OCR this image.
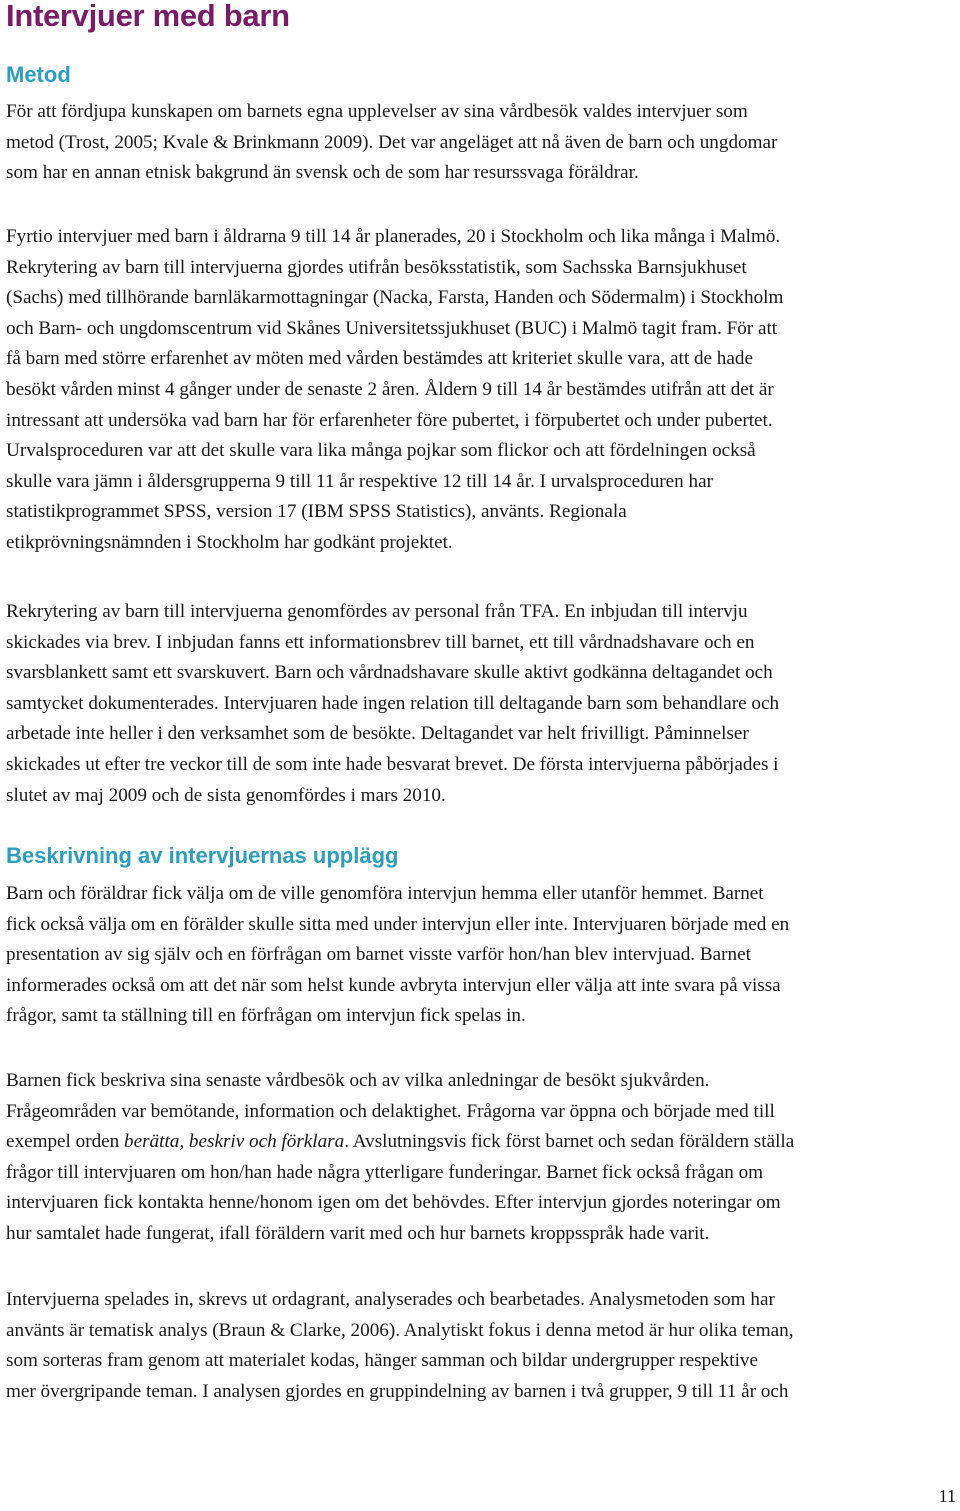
Intervjuer med barn
Metod

För att fördjupa kunskapen om barnets egna upplevelser av sina vårdbesök valdes intervjuer som
metod (Trost, 2005; Kvale & Brinkmann 2009). Det var angeläget att nå även de barn och ungdomar
som har en annan etnisk bakgrund än svensk och de som har resurssvaga föräldrar.

Fyrtio intervjuer med barn i åldrarna 9 till 14 år planerades, 20 i Stockholm och lika många i Malmö.
Rekrytering av barn till intervjuerna gjordes utifrån besöksstatistik, som Sachsska Barnsjukhuset
(Sachs) med tillhörande barnläkarmottagningar (Nacka, Farsta, Handen och Södermalm) i Stockholm
och Barn- och ungdomscentrum vid Skånes Universitetssjukhuset (BUC) i Malmö tagit fram. För att
få barn med större erfarenhet av möten med vården bestämdes att kriteriet skulle vara, att de hade
besökt vården minst 4 gånger under de senaste 2 åren. Åldern 9 till 14 år bestämdes utifrån att det är
intressant att undersöka vad barn har för erfarenheter före pubertet, i förpubertet och under pubertet.
Urvalsproceduren var att det skulle vara lika många pojkar som flickor och att fördelningen också
skulle vara jämn i åldersgrupperna 9 till 11 år respektive 12 till 14 år. I urvalsproceduren har
statistikprogrammet SPSS, version 17 (IBM SPSS Statistics), använts. Regionala
etikprövningsnämnden i Stockholm har godkänt projektet.

Rekrytering av barn till intervjuerna genomfördes av personal från TFA. En inbjudan till intervju
skickades via brev. I inbjudan fanns ett informationsbrev till barnet, ett till vårdnadshavare och en
svarsblankett samt ett svarskuvert. Barn och vårdnadshavare skulle aktivt godkänna deltagandet och
samtycket dokumenterades. Intervjuaren hade ingen relation till deltagande barn som behandlare och
arbetade inte heller i den verksamhet som de besökte. Deltagandet var helt frivilligt. Påminnelser
skickades ut efter tre veckor till de som inte hade besvarat brevet. De första intervjuerna påbörjades i
slutet av maj 2009 och de sista genomfördes i mars 2010.

Beskrivning av intervjuernas upplägg

Barn och föräldrar fick välja om de ville genomföra intervjun hemma eller utanför hemmet. Barnet
fick också välja om en förälder skulle sitta med under intervjun eller inte. Intervjuaren började med en
presentation av sig själv och en förfrågan om barnet visste varför hon/han blev intervjuad. Barnet
informerades också om att det när som helst kunde avbryta intervjun eller välja att inte svara på vissa
frågor, samt ta ställning till en förfrågan om intervjun fick spelas in.

Barnen fick beskriva sina senaste vårdbesök och av vilka anledningar de besökt sjukvården.
Frågeområden var bemötande, information och delaktighet. Frågorna var öppna och började med till
exempel orden berätta, beskriv och förklara. Avslutningsvis fick först barnet och sedan föräldern ställa
frågor till intervjuaren om hon/han hade några ytterligare funderingar. Barnet fick också frågan om
intervjuaren fick kontakta henne/honom igen om det behövdes. Efter intervjun gjordes noteringar om
hur samtalet hade fungerat, ifall föräldern varit med och hur barnets kroppsspråk hade varit.

Intervjuerna spelades in, skrevs ut ordagrant, analyserades och bearbetades. Analysmetoden som har
använts är tematisk analys (Braun & Clarke, 2006). Analytiskt fokus i denna metod är hur olika teman,
som sorteras fram genom att materialet kodas, hänger samman och bildar undergrupper respektive
mer övergripande teman. I analysen gjordes en gruppindelning av barnen i två grupper, 9 till 11 år och

11
